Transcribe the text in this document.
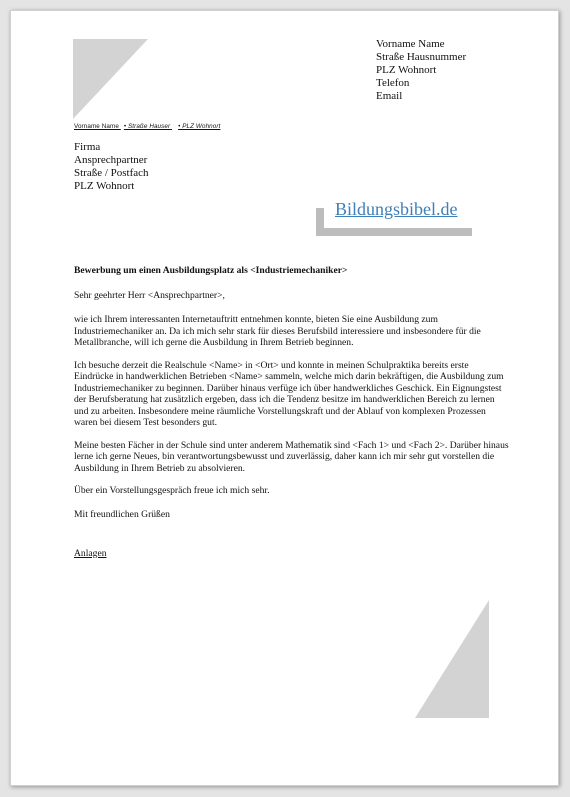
Vorname Name
Straße Hausnummer
PLZ Wohnort
Telefon
Email
Vorname Name • Straße Hauser • PLZ Wohnort
Firma
Ansprechpartner
Straße / Postfach
PLZ Wohnort
Bildungsbibel.de

Bewerbung um einen Ausbildungsplatz als <Industriemechaniker>

Sehr geehrter Herr <Ansprechpartner>,

wie ich Ihrem interessanten Internetauftritt entnehmen konnte, bieten Sie eine Ausbildung zum Industriemechaniker an. Da ich mich sehr stark für dieses Berufsbild interessiere und insbesondere für die Metallbranche, will ich gerne die Ausbildung in Ihrem Betrieb beginnen.

Ich besuche derzeit die Realschule <Name> in <Ort> und konnte in meinen Schulpraktika bereits erste Eindrücke in handwerklichen Betrieben <Name> sammeln, welche mich darin bekräftigen, die Ausbildung zum Industriemechaniker zu beginnen. Darüber hinaus verfüge ich über handwerkliches Geschick. Ein Eignungstest der Berufsberatung hat zusätzlich ergeben, dass ich die Tendenz besitze im handwerklichen Bereich zu lernen und zu arbeiten. Insbesondere meine räumliche Vorstellungskraft und der Ablauf von komplexen Prozessen waren bei diesem Test besonders gut.

Meine besten Fächer in der Schule sind unter anderem Mathematik sind <Fach 1> und <Fach 2>. Darüber hinaus lerne ich gerne Neues, bin verantwortungsbewusst und zuverlässig, daher kann ich mir sehr gut vorstellen die Ausbildung in Ihrem Betrieb zu absolvieren.

Über ein Vorstellungsgespräch freue ich mich sehr.

Mit freundlichen Grüßen

Anlagen
